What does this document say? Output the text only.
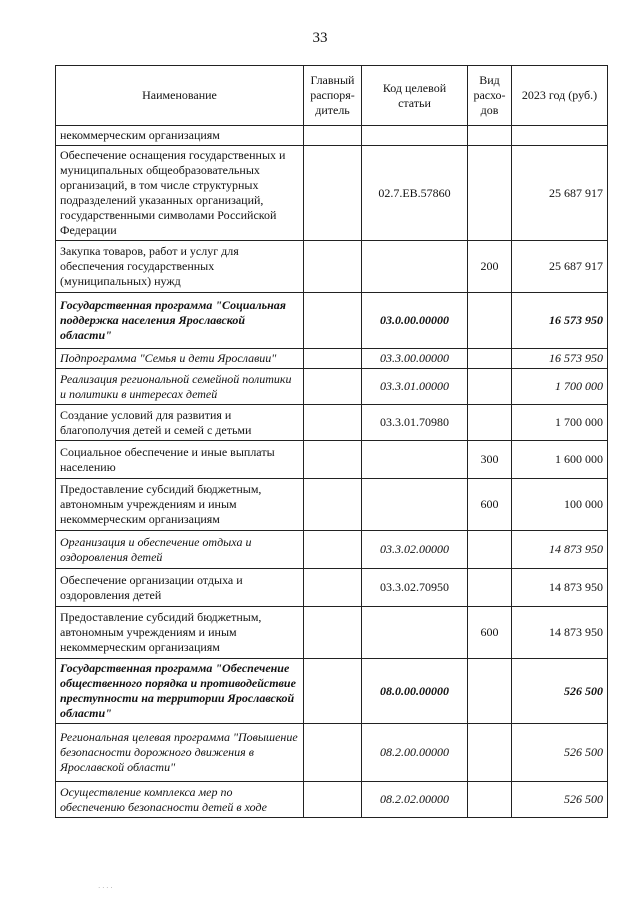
33
Наименование	Главный распоря-дитель	Код целевой статьи	Вид расхо-дов	2023 год (руб.)
некоммерческим организациям				
Обеспечение оснащения государственных и муниципальных общеобразовательных организаций, в том числе структурных подразделений указанных организаций, государственными символами Российской Федерации		02.7.ЕВ.57860		25 687 917
Закупка товаров, работ и услуг для обеспечения государственных (муниципальных) нужд			200	25 687 917
Государственная программа "Социальная поддержка населения Ярославской области"		03.0.00.00000		16 573 950
Подпрограмма "Семья и дети Ярославии"		03.3.00.00000		16 573 950
Реализация региональной семейной политики и политики в интересах детей		03.3.01.00000		1 700 000
Создание условий для развития и благополучия детей и семей с детьми		03.3.01.70980		1 700 000
Социальное обеспечение и иные выплаты населению			300	1 600 000
Предоставление субсидий бюджетным, автономным учреждениям и иным некоммерческим организациям			600	100 000
Организация и обеспечение отдыха и оздоровления детей		03.3.02.00000		14 873 950
Обеспечение организации отдыха и оздоровления детей		03.3.02.70950		14 873 950
Предоставление субсидий бюджетным, автономным учреждениям и иным некоммерческим организациям			600	14 873 950
Государственная программа "Обеспечение общественного порядка и противодействие преступности на территории Ярославской области"		08.0.00.00000		526 500
Региональная целевая программа "Повышение безопасности дорожного движения в Ярославской области"		08.2.00.00000		526 500
Осуществление комплекса мер по обеспечению безопасности детей в ходе		08.2.02.00000		526 500
· · · ·
